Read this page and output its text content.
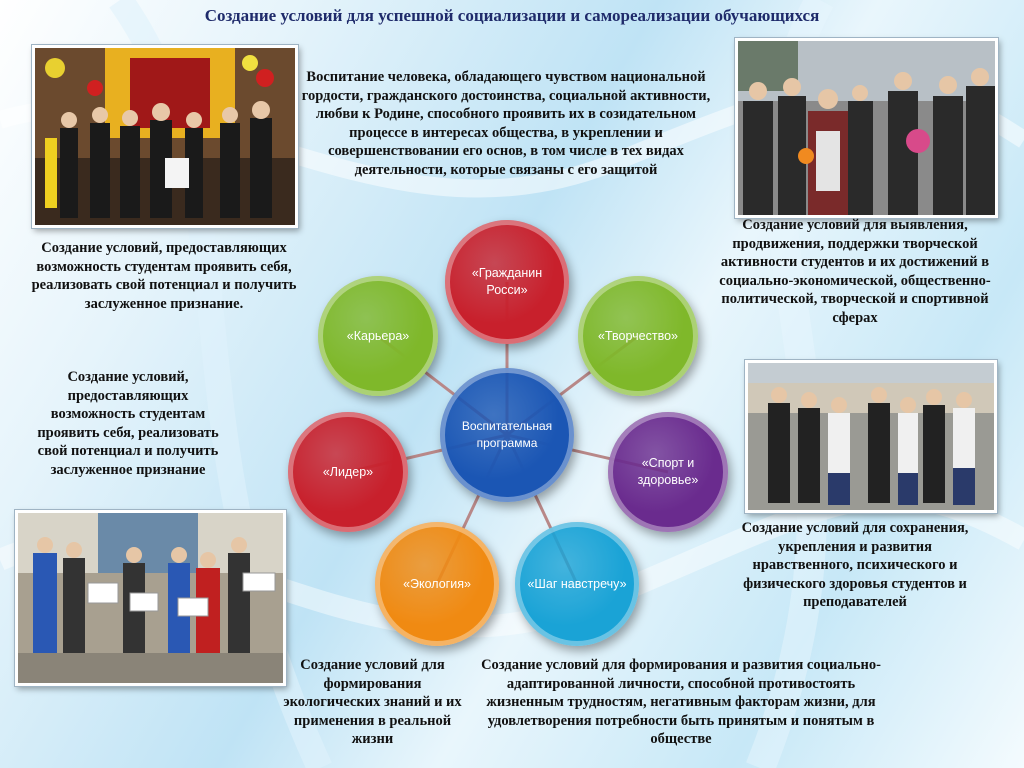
Создание условий для успешной социализации и самореализации обучающихся
Воспитание человека, обладающего чувством национальной гордости, гражданского достоинства, социальной активности, любви к Родине, способного проявить их в созидательном процессе в интересах общества, в укреплении и совершенствовании его основ, в том числе в тех видах деятельности, которые связаны с его защитой
Создание условий, предоставляющих возможность студентам проявить себя, реализовать свой потенциал и получить заслуженное признание.
Создание условий, предоставляющих возможность студентам проявить себя, реализовать свой потенциал и получить заслуженное признание
Создание условий для выявления, продвижения, поддержки творческой активности студентов и их достижений в социально-экономической, общественно-политической, творческой и спортивной сферах
Создание условий для сохранения, укрепления и развития нравственного, психического и физического здоровья студентов и преподавателей
Создание условий для формирования экологических знаний и их применения в реальной жизни
Создание условий для формирования и развития социально-адаптированной личности, способной противостоять жизненным трудностям, негативным факторам жизни, для удовлетворения потребности быть принятым и понятым в обществе
«Гражданин Росси»
«Творчество»
«Спорт и здоровье»
«Шаг навстречу»
«Экология»
«Лидер»
«Карьера»
Воспитательная программа
